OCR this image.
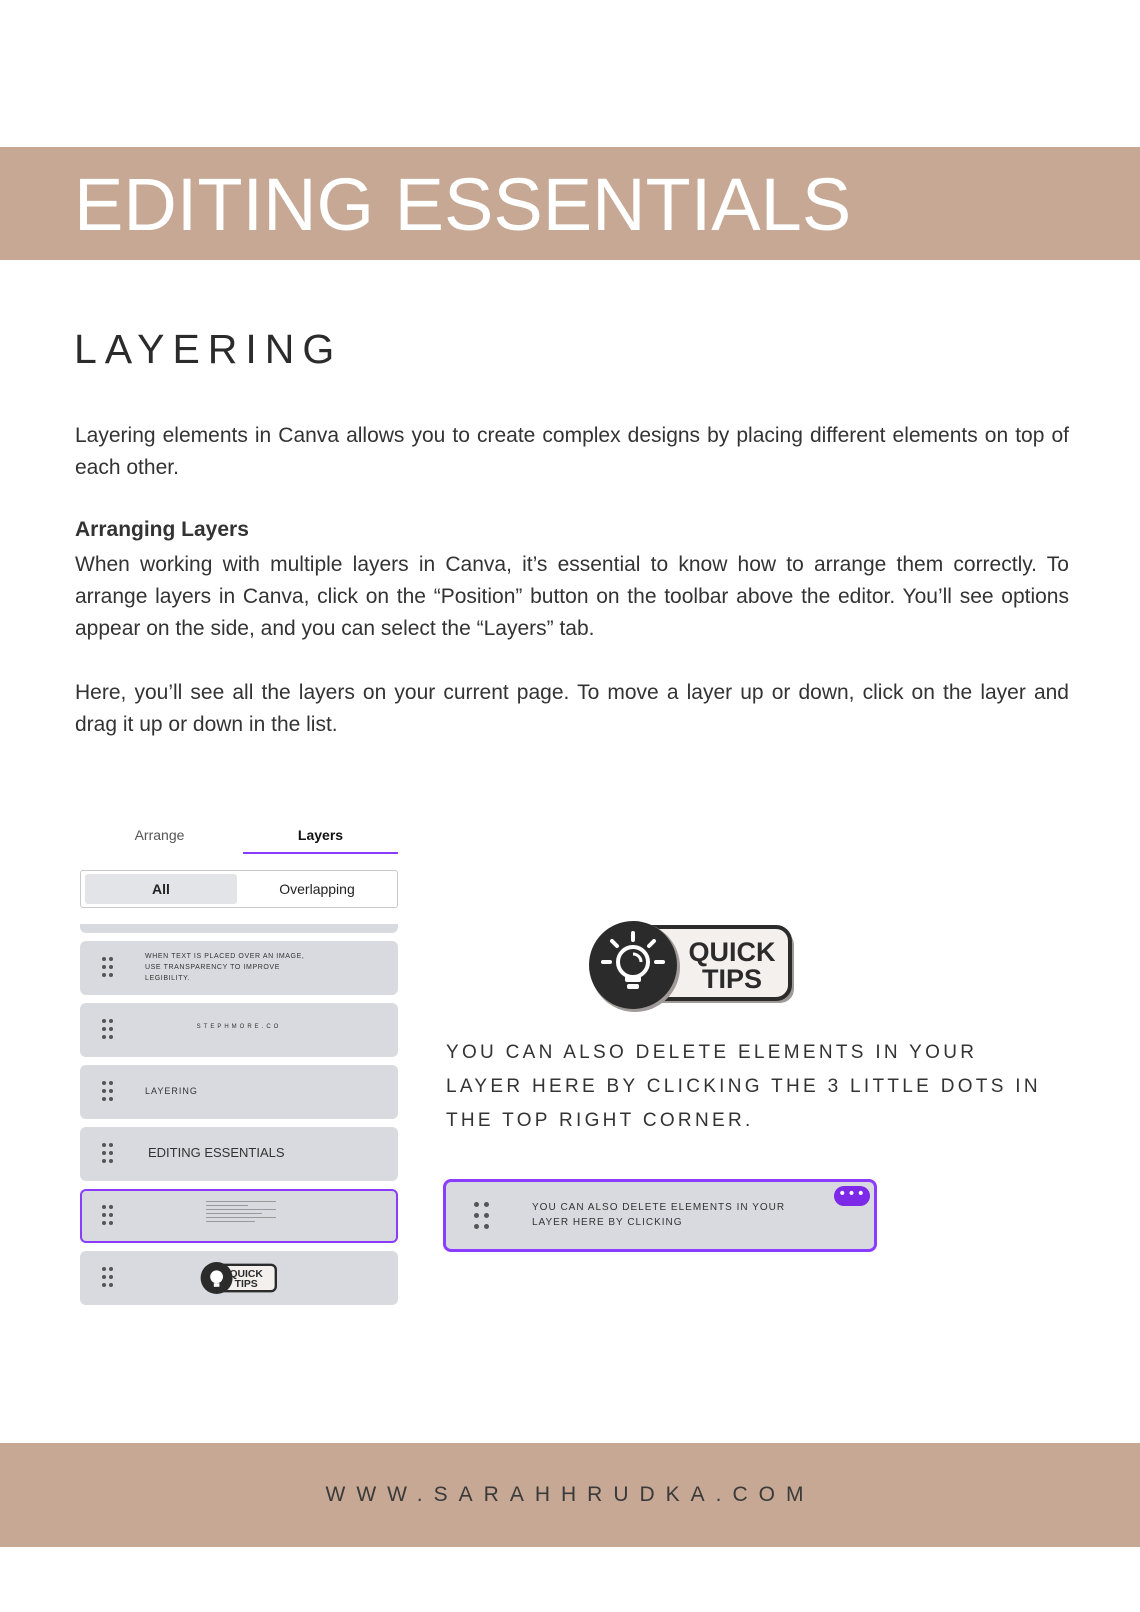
EDITING ESSENTIALS
LAYERING

Layering elements in Canva allows you to create complex designs by placing different elements on top of each other.

Arranging Layers

When working with multiple layers in Canva, it’s essential to know how to arrange them correctly. To arrange layers in Canva, click on the “Position” button on the toolbar above the editor. You’ll see options appear on the side, and you can select the “Layers” tab.

Here, you’ll see all the layers on your current page. To move a layer up or down, click on the layer and drag it up or down in the list.

Arrange	Layers
All	Overlapping
WHEN TEXT IS PLACED OVER AN IMAGE, USE TRANSPARENCY TO IMPROVE LEGIBILITY.
STEPHMORE.CO
LAYERING
EDITING ESSENTIALS
QUICK
TIPS
QUICK
TIPS

YOU CAN ALSO DELETE ELEMENTS IN YOUR LAYER HERE BY CLICKING THE 3 LITTLE DOTS IN THE TOP RIGHT CORNER.

YOU CAN ALSO DELETE ELEMENTS IN YOUR
LAYER HERE BY CLICKING
•••

WWW.SARAHHRUDKA.COM
